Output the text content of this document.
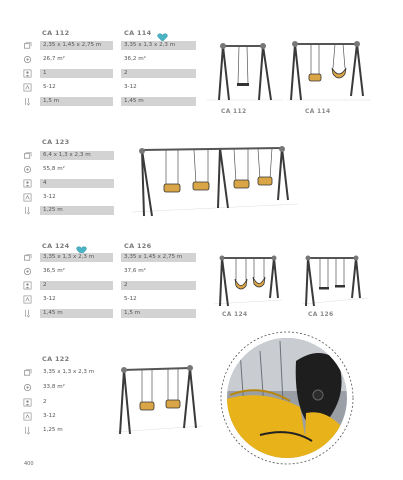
CA 112
2,35 x 1,45 x 2,75 m
26,7 m²
1
5-12
1,5 m
CA 114
3,35 x 1,3 x 2,3 m
36,2 m²
2
3-12
1,45 m
CA 112	CA 114
CA 123
6,4 x 1,3 x 2,3 m
55,8 m²
4
3-12
1,25 m
CA 124
3,35 x 1,3 x 2,3 m
36,5 m²
2
3-12
1,45 m
CA 126
3,35 x 1,45 x 2,75 m
37,6 m²
2
5-12
1,5 m	CA 124	CA 126
CA 122
3,35 x 1,3 x 2,3 m
33,8 m²
2
3-12
1,25 m
400
